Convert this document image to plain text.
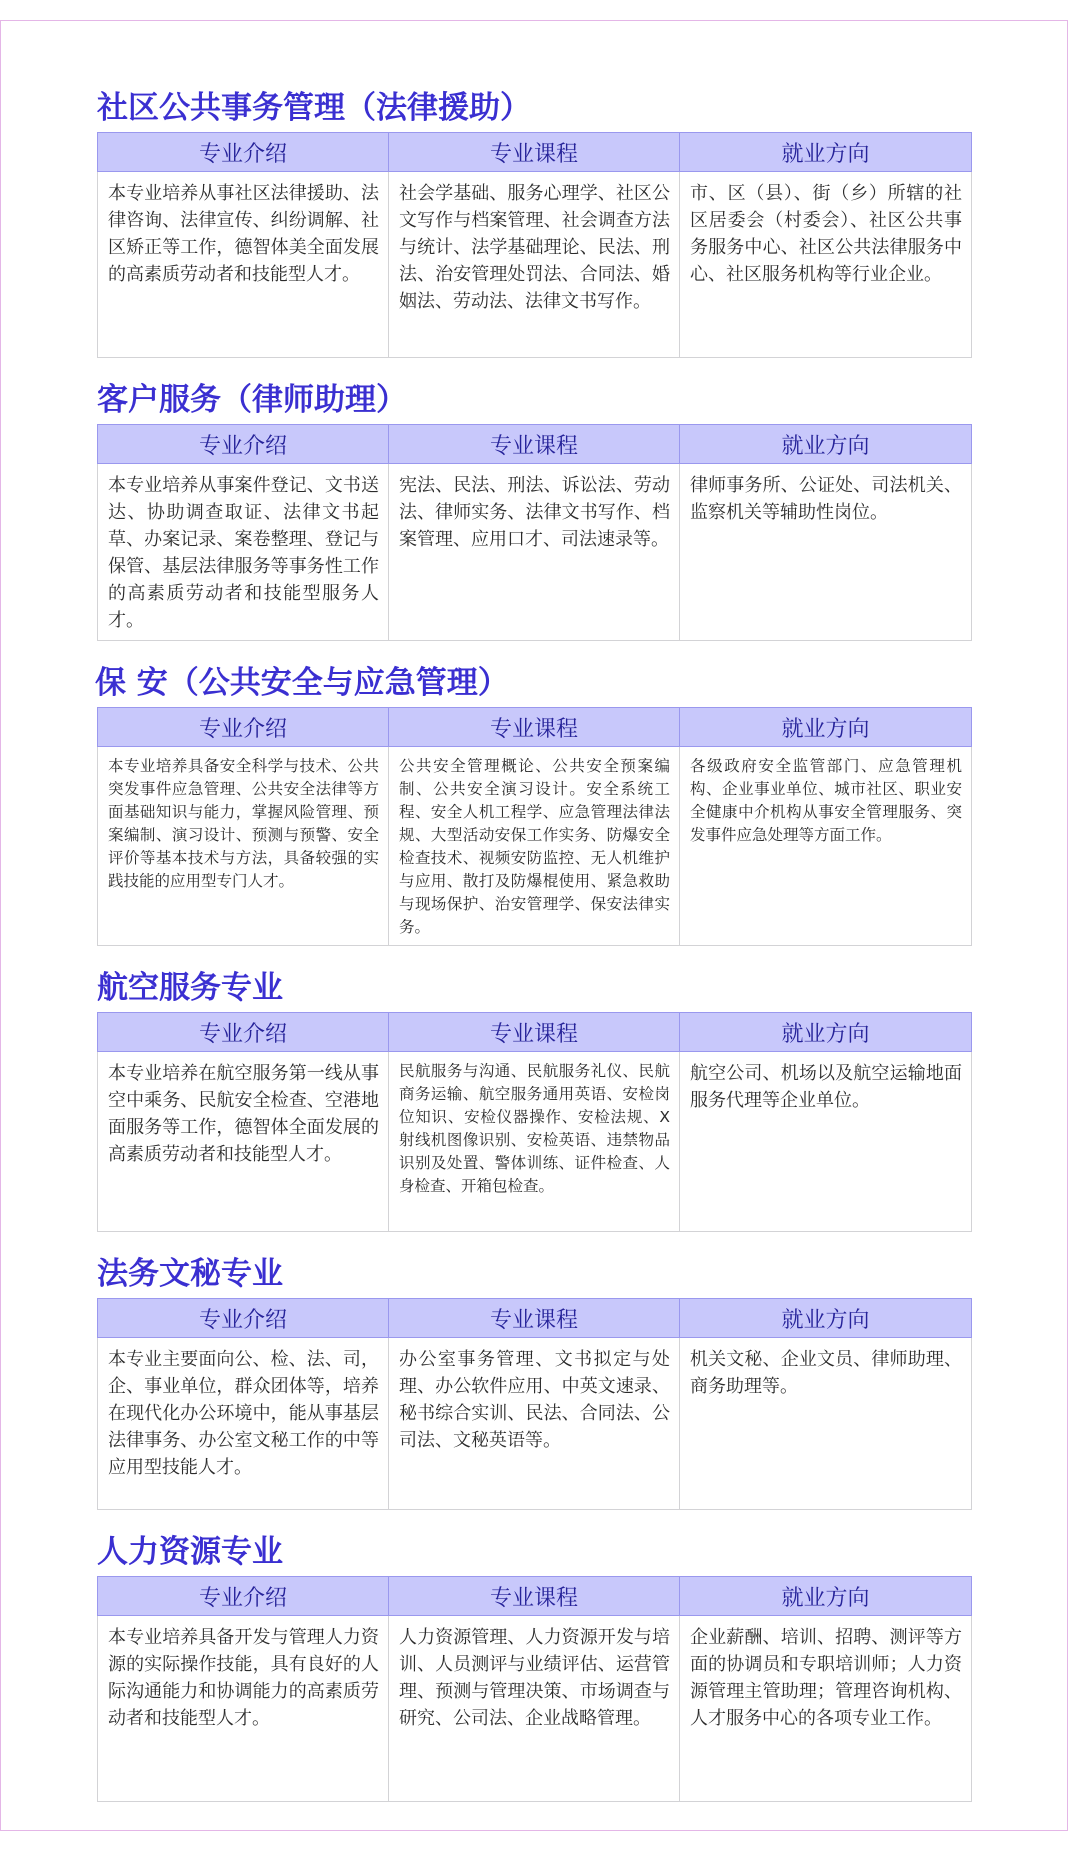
社区公共事务管理（法律援助）
专业介绍	专业课程	就业方向
本专业培养从事社区法律援助、法律咨询、法律宣传、纠纷调解、社区矫正等工作，德智体美全面发展的高素质劳动者和技能型人才。	社会学基础、服务心理学、社区公文写作与档案管理、社会调查方法与统计、法学基础理论、民法、刑法、治安管理处罚法、合同法、婚姻法、劳动法、法律文书写作。	市、区（县）、街（乡）所辖的社区居委会（村委会）、社区公共事务服务中心、社区公共法律服务中心、社区服务机构等行业企业。
客户服务（律师助理）
专业介绍	专业课程	就业方向
本专业培养从事案件登记、文书送达、协助调查取证、法律文书起草、办案记录、案卷整理、登记与保管、基层法律服务等事务性工作的高素质劳动者和技能型服务人才。	宪法、民法、刑法、诉讼法、劳动法、律师实务、法律文书写作、档案管理、应用口才、司法速录等。	律师事务所、公证处、司法机关、监察机关等辅助性岗位。
保 安（公共安全与应急管理）
专业介绍	专业课程	就业方向
本专业培养具备安全科学与技术、公共突发事件应急管理、公共安全法律等方面基础知识与能力，掌握风险管理、预案编制、演习设计、预测与预警、安全评价等基本技术与方法，具备较强的实践技能的应用型专门人才。	公共安全管理概论、公共安全预案编制、公共安全演习设计。安全系统工程、安全人机工程学、应急管理法律法规、大型活动安保工作实务、防爆安全检查技术、视频安防监控、无人机维护与应用、散打及防爆棍使用、紧急救助与现场保护、治安管理学、保安法律实务。	各级政府安全监管部门、应急管理机构、企业事业单位、城市社区、职业安全健康中介机构从事安全管理服务、突发事件应急处理等方面工作。
航空服务专业
专业介绍	专业课程	就业方向
本专业培养在航空服务第一线从事空中乘务、民航安全检查、空港地面服务等工作，德智体全面发展的高素质劳动者和技能型人才。	民航服务与沟通、民航服务礼仪、民航商务运输、航空服务通用英语、安检岗位知识、安检仪器操作、安检法规、X射线机图像识别、安检英语、违禁物品识别及处置、警体训练、证件检查、人身检查、开箱包检查。	航空公司、机场以及航空运输地面服务代理等企业单位。
法务文秘专业
专业介绍	专业课程	就业方向
本专业主要面向公、检、法、司，企、事业单位，群众团体等，培养在现代化办公环境中，能从事基层法律事务、办公室文秘工作的中等应用型技能人才。	办公室事务管理、文书拟定与处理、办公软件应用、中英文速录、秘书综合实训、民法、合同法、公司法、文秘英语等。	机关文秘、企业文员、律师助理、商务助理等。
人力资源专业
专业介绍	专业课程	就业方向
本专业培养具备开发与管理人力资源的实际操作技能，具有良好的人际沟通能力和协调能力的高素质劳动者和技能型人才。	人力资源管理、人力资源开发与培训、人员测评与业绩评估、运营管理、预测与管理决策、市场调查与研究、公司法、企业战略管理。	企业薪酬、培训、招聘、测评等方面的协调员和专职培训师；人力资源管理主管助理；管理咨询机构、人才服务中心的各项专业工作。
